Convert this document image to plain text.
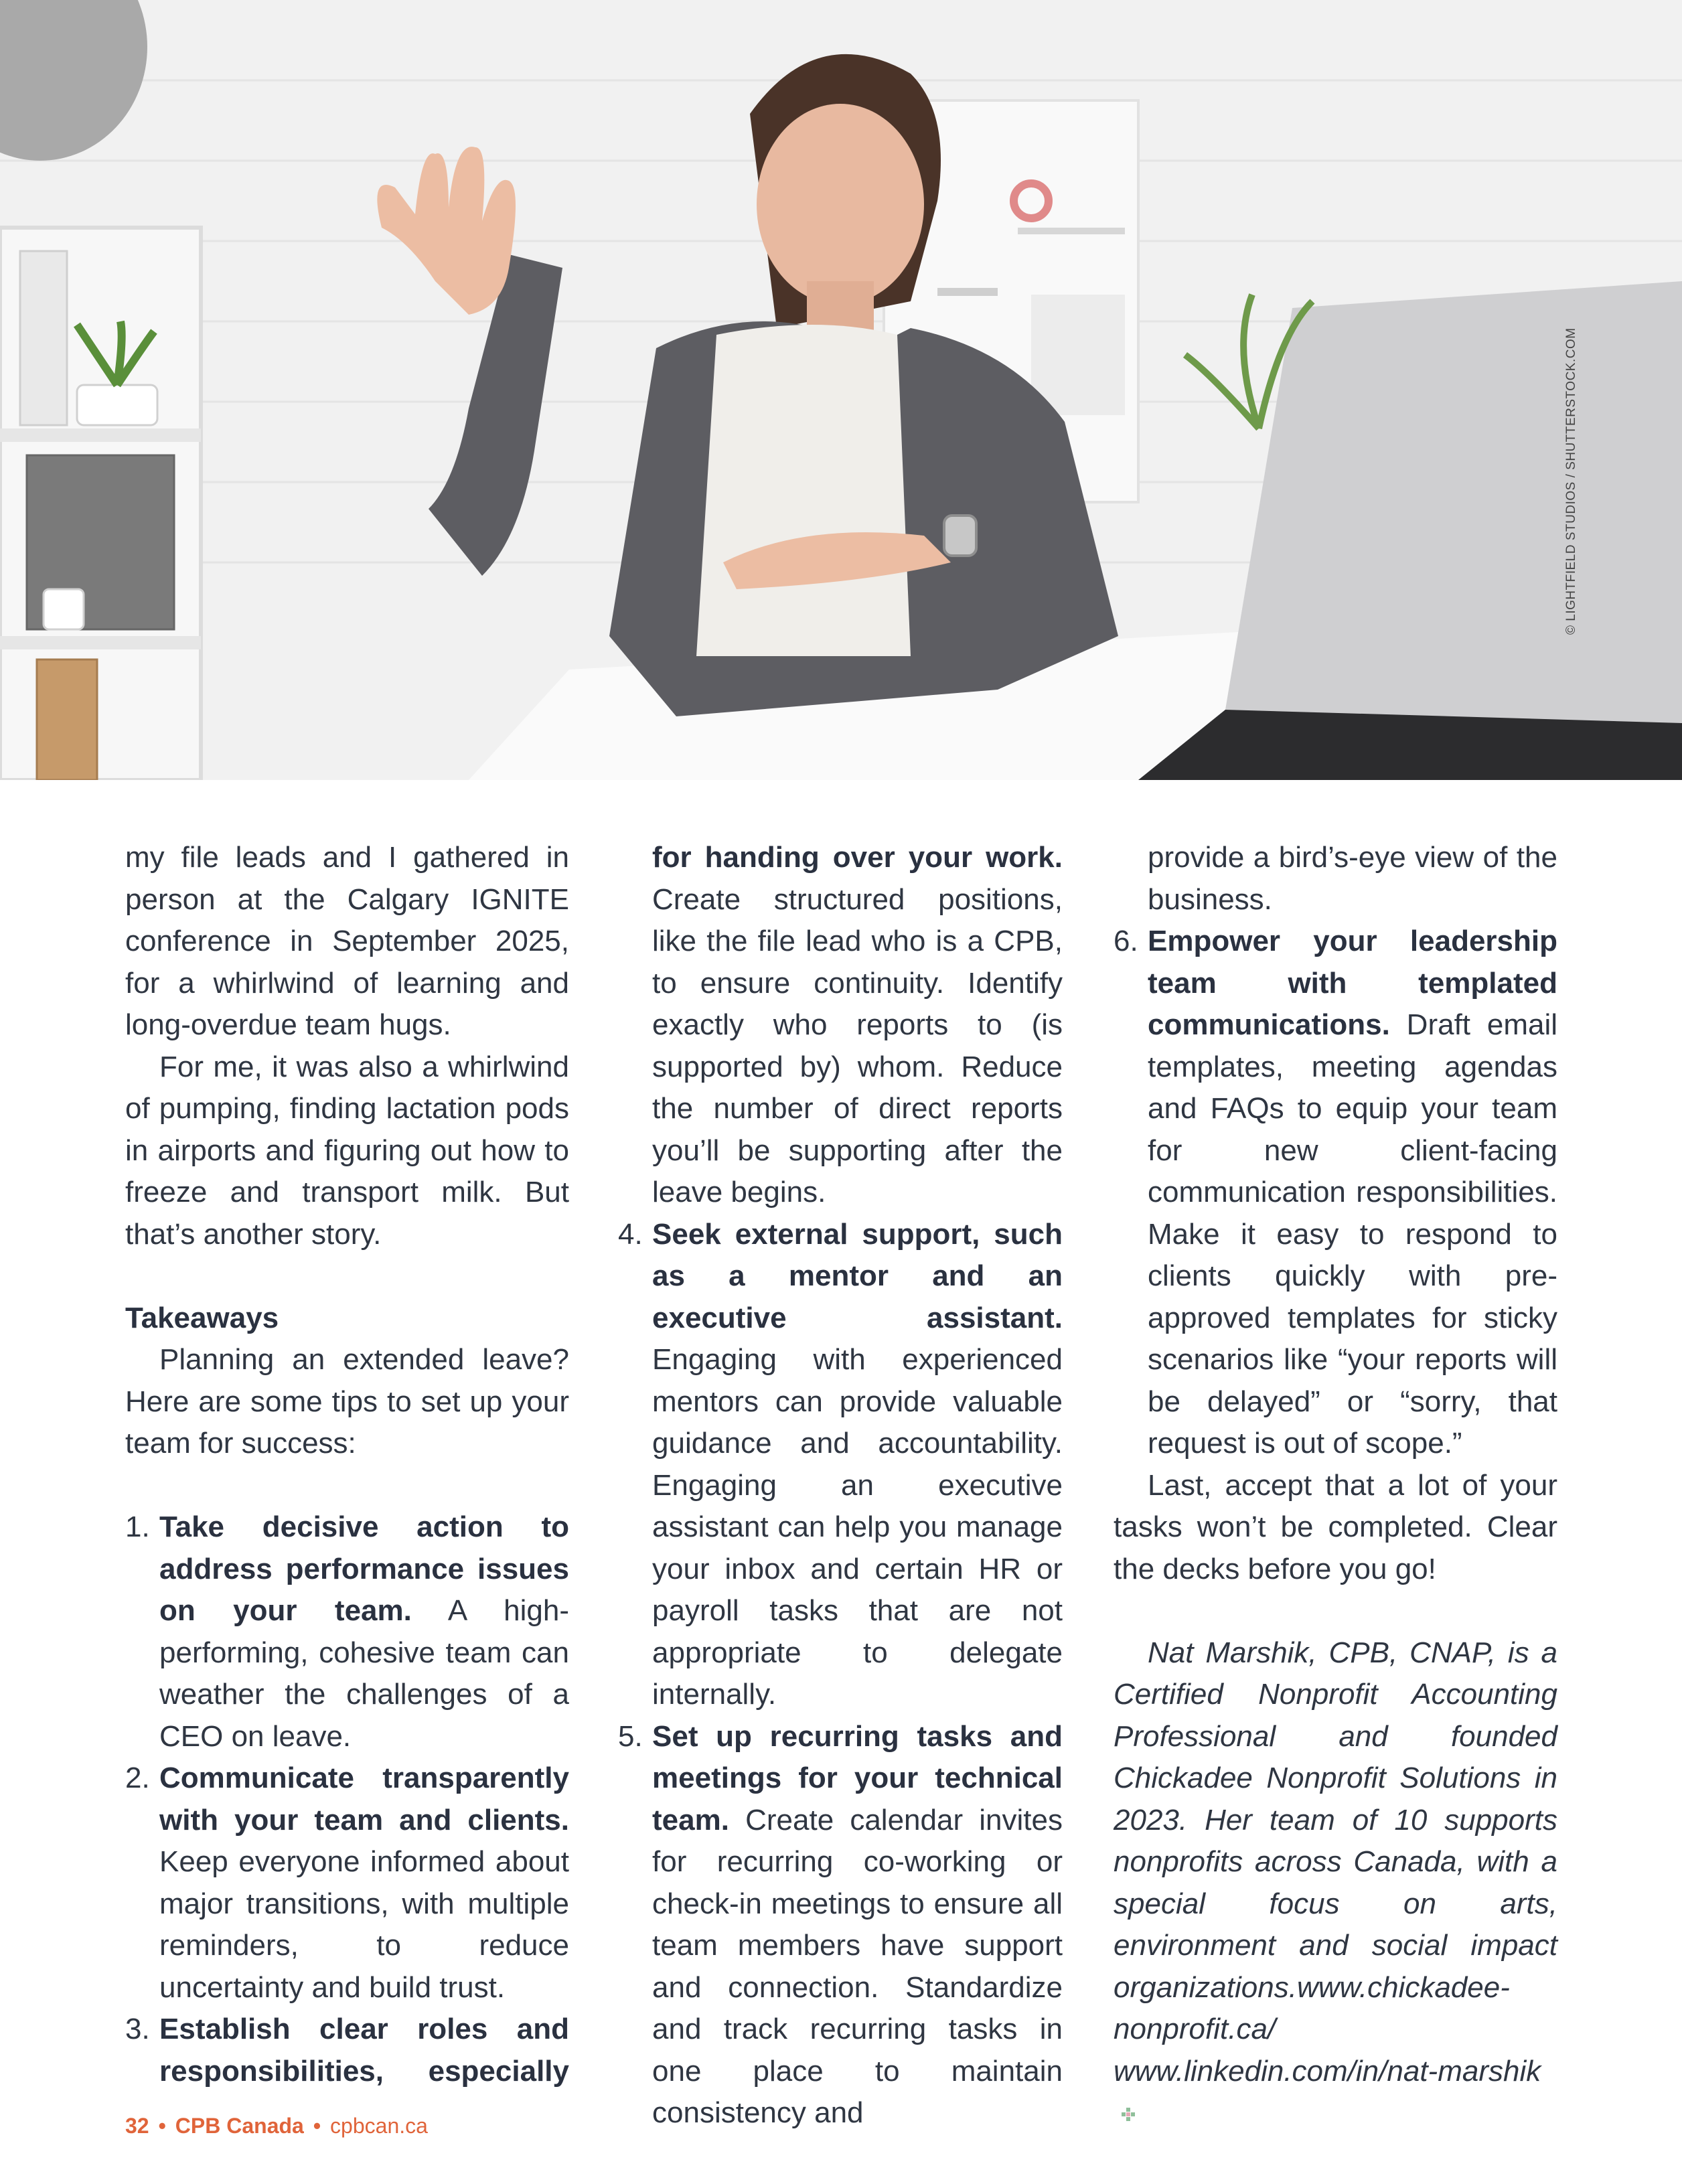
© LIGHTFIELD STUDIOS / SHUTTERSTOCK.COM

my file leads and I gathered in person at the Calgary IGNITE conference in September 2025, for a whirlwind of learning and long-overdue team hugs.

For me, it was also a whirlwind of pumping, finding lactation pods in airports and figuring out how to freeze and transport milk. But that’s another story.

Takeaways

Planning an extended leave? Here are some tips to set up your team for success:

1. Take decisive action to address performance issues on your team. A high-performing, cohesive team can weather the challenges of a CEO on leave.
2. Communicate transparently with your team and clients. Keep everyone informed about major transitions, with multiple reminders, to reduce uncertainty and build trust.
3. Establish clear roles and responsibilities, especially

for handing over your work. Create structured positions, like the file lead who is a CPB, to ensure continuity. Identify exactly who reports to (is supported by) whom. Reduce the number of direct reports you’ll be supporting after the leave begins.

4. Seek external support, such as a mentor and an executive assistant. Engaging with experienced mentors can provide valuable guidance and accountability. Engaging an executive assistant can help you manage your inbox and certain HR or payroll tasks that are not appropriate to delegate internally.
5. Set up recurring tasks and meetings for your technical team. Create calendar invites for recurring co-working or check-in meetings to ensure all team members have support and connection. Standardize and track recurring tasks in one place to maintain consistency and

provide a bird’s-eye view of the business.

6. Empower your leadership team with templated communications. Draft email templates, meeting agendas and FAQs to equip your team for new client-facing communication responsibilities. Make it easy to respond to clients quickly with pre-approved templates for sticky scenarios like “your reports will be delayed” or “sorry, that request is out of scope.”

Last, accept that a lot of your tasks won’t be completed. Clear the decks before you go!

Nat Marshik, CPB, CNAP, is a Certified Nonprofit Accounting Professional and founded Chickadee Nonprofit Solutions in 2023. Her team of 10 supports nonprofits across Canada, with a special focus on arts, environment and social impact organizations.www.chickadee-nonprofit.ca/ www.linkedin.com/in/nat-marshik

32 • CPB Canada • cpbcan.ca
